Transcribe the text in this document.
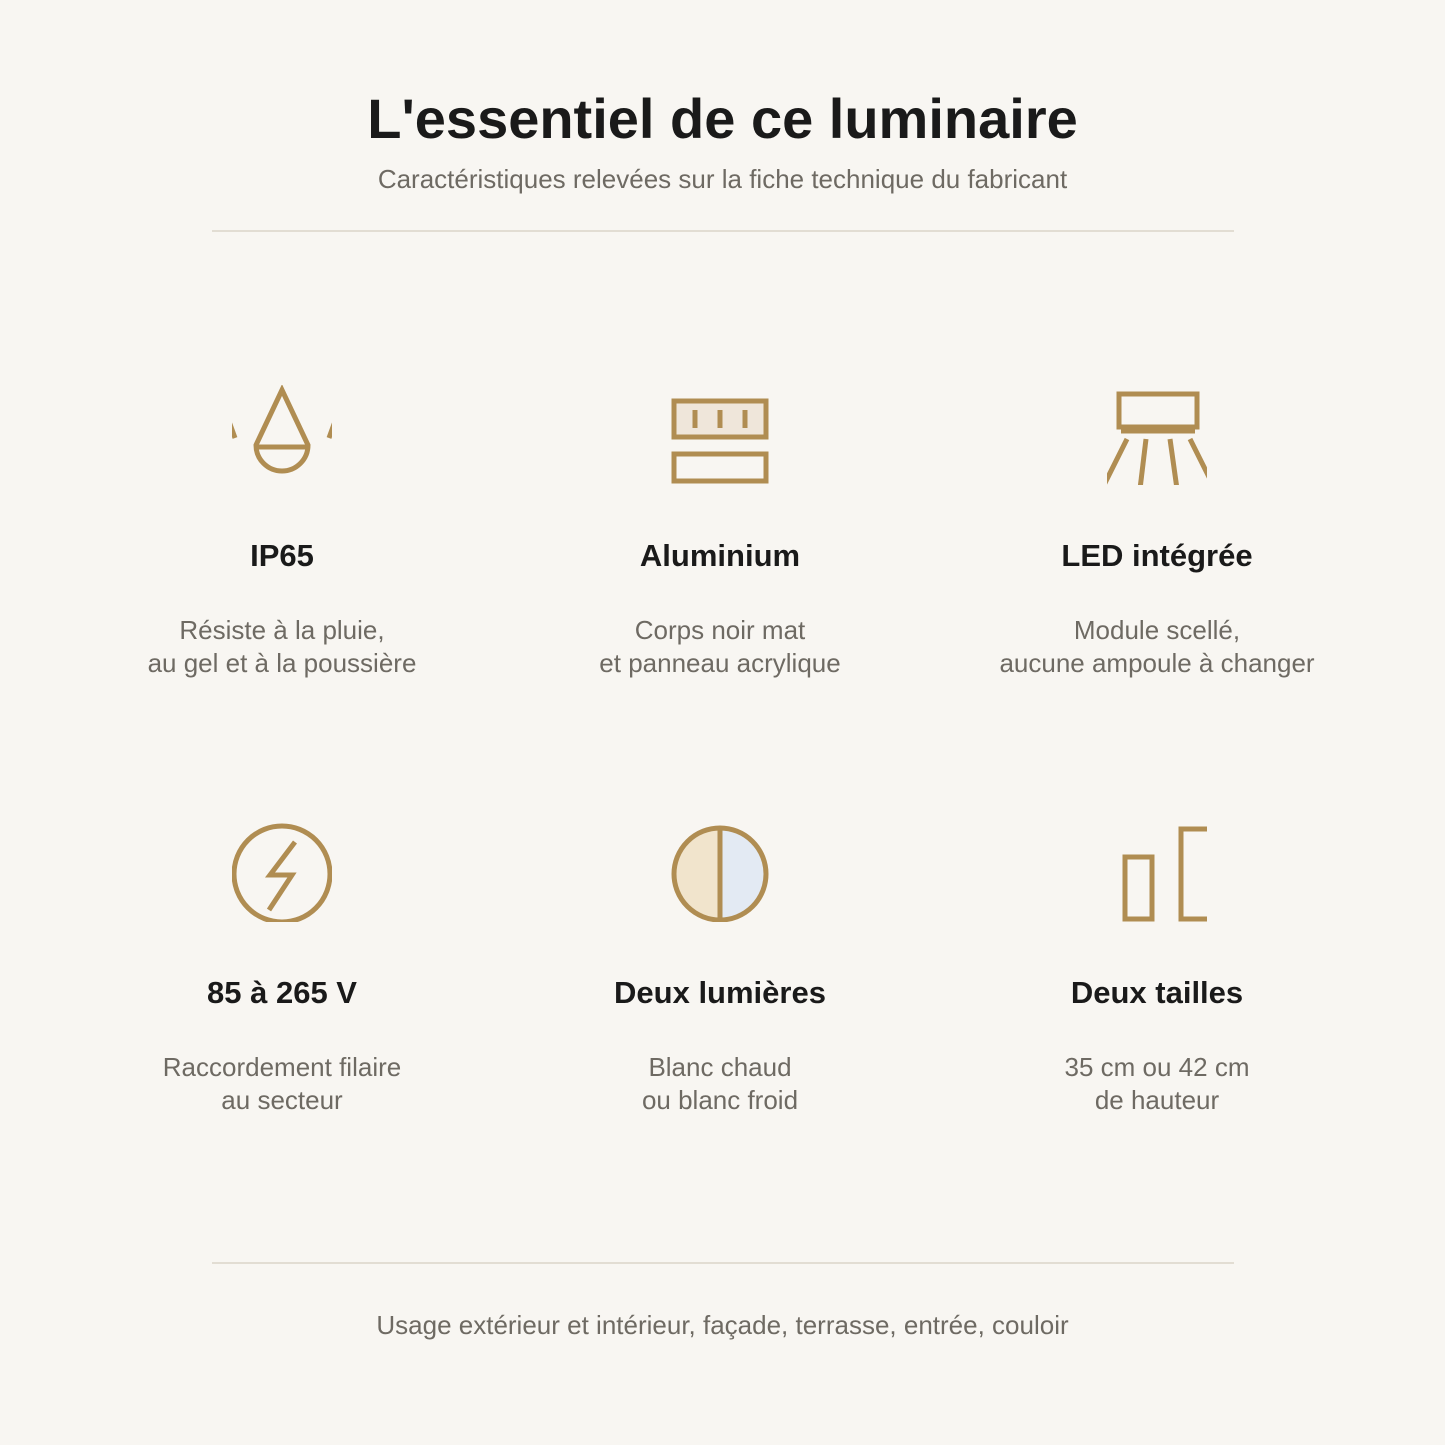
L'essentiel de ce luminaire

Caractéristiques relevées sur la fiche technique du fabricant

IP65
Résiste à la pluie,
au gel et à la poussière
Aluminium
Corps noir mat
et panneau acrylique
LED intégrée
Module scellé,
aucune ampoule à changer
85 à 265 V
Raccordement filaire
au secteur
Deux lumières
Blanc chaud
ou blanc froid
Deux tailles
35 cm ou 42 cm
de hauteur
Usage extérieur et intérieur, façade, terrasse, entrée, couloir
